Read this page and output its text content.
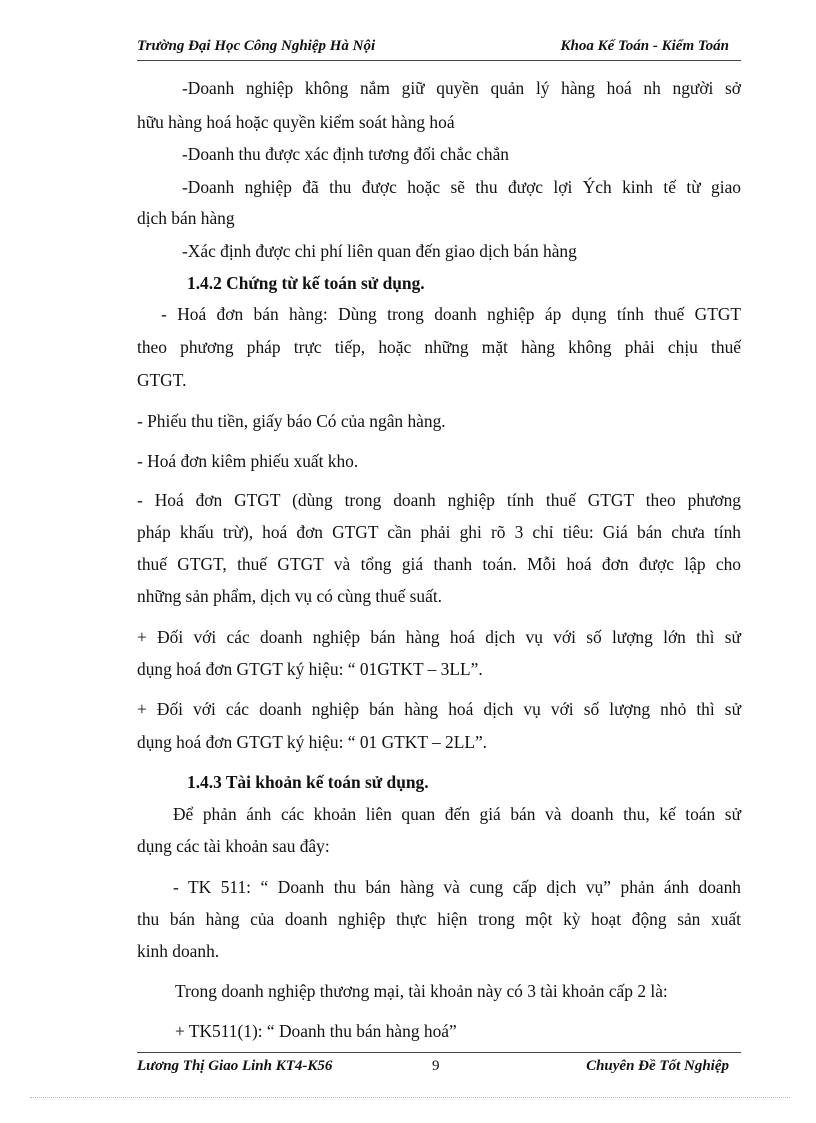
Trường Đại Học Công Nghiệp Hà Nội	Khoa Kế Toán - Kiểm Toán
-Doanh nghiệp không nắm giữ quyền quản lý hàng hoá nh người sở
hữu hàng hoá hoặc quyền kiểm soát hàng hoá
-Doanh thu được xác định tương đối chắc chắn
-Doanh nghiệp đã thu được hoặc sẽ thu được lợi Ých kinh tế từ giao
dịch bán hàng
-Xác định được chi phí liên quan đến giao dịch bán hàng
1.4.2 Chứng từ kế toán sử dụng.
- Hoá đơn bán hàng: Dùng trong doanh nghiệp áp dụng tính thuế GTGT
theo phương pháp trực tiếp, hoặc những mặt hàng không phải chịu thuế
GTGT.
- Phiếu thu tiền, giấy báo Có của ngân hàng.
- Hoá đơn kiêm phiếu xuất kho.
- Hoá đơn GTGT (dùng trong doanh nghiệp tính thuế GTGT theo phương
pháp khấu trừ), hoá đơn GTGT cần phải ghi rõ 3 chỉ tiêu: Giá bán chưa tính
thuế GTGT, thuế GTGT và tổng giá thanh toán. Mỗi hoá đơn được lập cho
những sản phẩm, dịch vụ có cùng thuế suất.
+ Đối với các doanh nghiệp bán hàng hoá dịch vụ với số lượng lớn thì sử
dụng hoá đơn GTGT ký hiệu: “ 01GTKT – 3LL”.
+ Đối với các doanh nghiệp bán hàng hoá dịch vụ với số lượng nhỏ thì sử
dụng hoá đơn GTGT ký hiệu: “ 01 GTKT – 2LL”.
1.4.3 Tài khoản kế toán sử dụng.
Để phản ánh các khoản liên quan đến giá bán và doanh thu, kế toán sử
dụng các tài khoản sau đây:
- TK 511: “ Doanh thu bán hàng và cung cấp dịch vụ” phản ánh doanh
thu bán hàng của doanh nghiệp thực hiện trong một kỳ hoạt động sản xuất
kinh doanh.
Trong doanh nghiệp thương mại, tài khoản này có 3 tài khoản cấp 2 là:
+ TK511(1): “ Doanh thu bán hàng hoá”
Lương Thị Giao Linh KT4-K56	9	Chuyên Đề Tốt Nghiệp
